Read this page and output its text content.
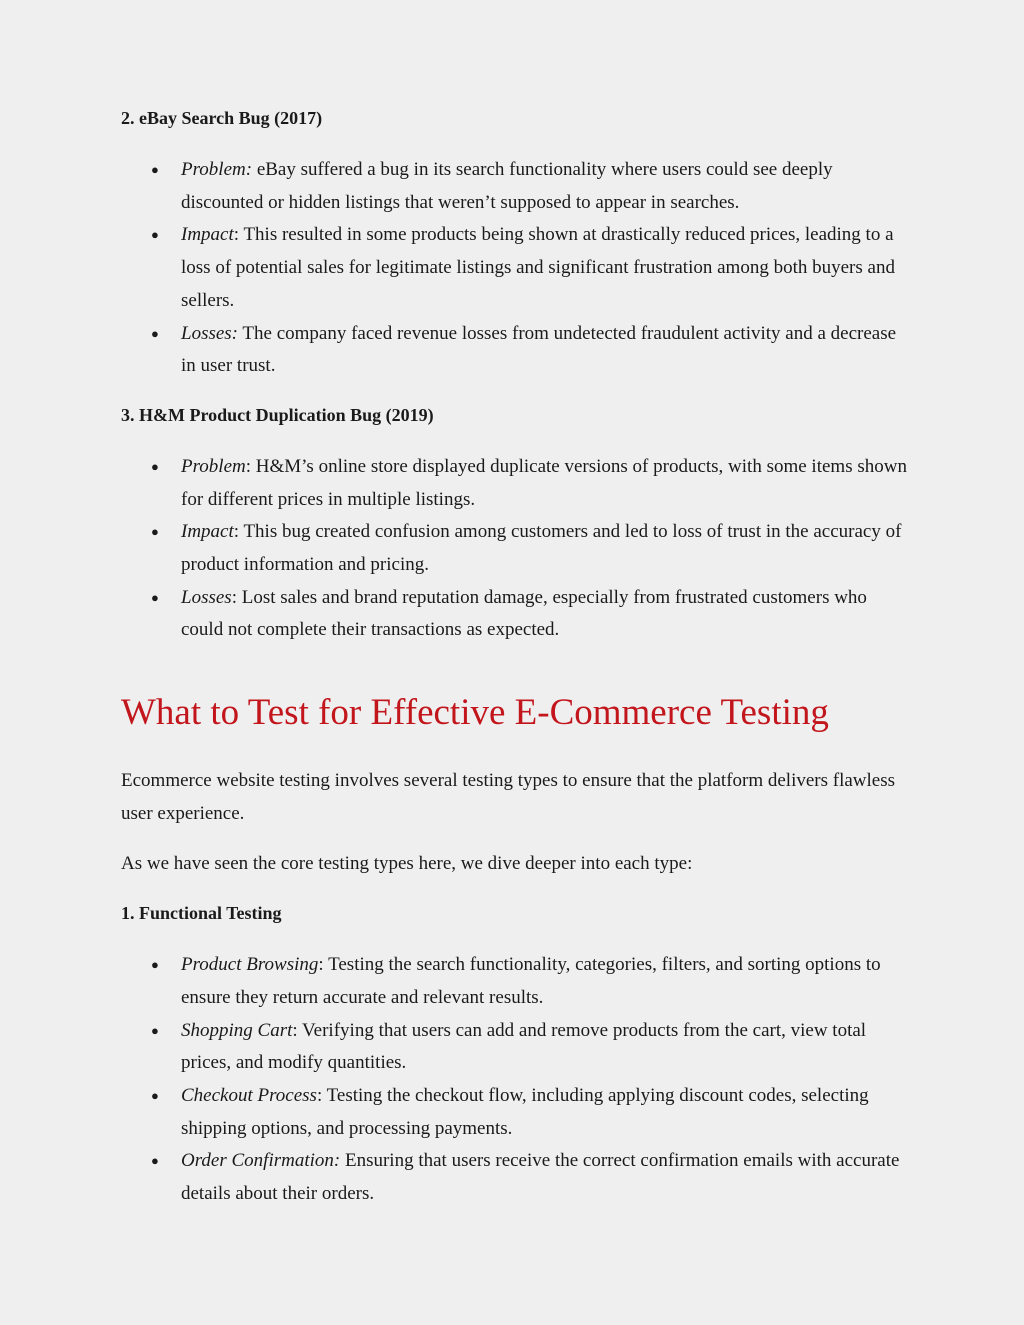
2. eBay Search Bug (2017)
● Problem: eBay suffered a bug in its search functionality where users could see deeply discounted or hidden listings that weren’t supposed to appear in searches.
● Impact: This resulted in some products being shown at drastically reduced prices, leading to a loss of potential sales for legitimate listings and significant frustration among both buyers and sellers.
● Losses: The company faced revenue losses from undetected fraudulent activity and a decrease in user trust.
3. H&M Product Duplication Bug (2019)
● Problem: H&M’s online store displayed duplicate versions of products, with some items shown for different prices in multiple listings.
● Impact: This bug created confusion among customers and led to loss of trust in the accuracy of product information and pricing.
● Losses: Lost sales and brand reputation damage, especially from frustrated customers who could not complete their transactions as expected.
What to Test for Effective E-Commerce Testing

Ecommerce website testing involves several testing types to ensure that the platform delivers flawless user experience.

As we have seen the core testing types here, we dive deeper into each type:

1. Functional Testing
● Product Browsing: Testing the search functionality, categories, filters, and sorting options to ensure they return accurate and relevant results.
● Shopping Cart: Verifying that users can add and remove products from the cart, view total prices, and modify quantities.
● Checkout Process: Testing the checkout flow, including applying discount codes, selecting shipping options, and processing payments.
● Order Confirmation: Ensuring that users receive the correct confirmation emails with accurate details about their orders.
